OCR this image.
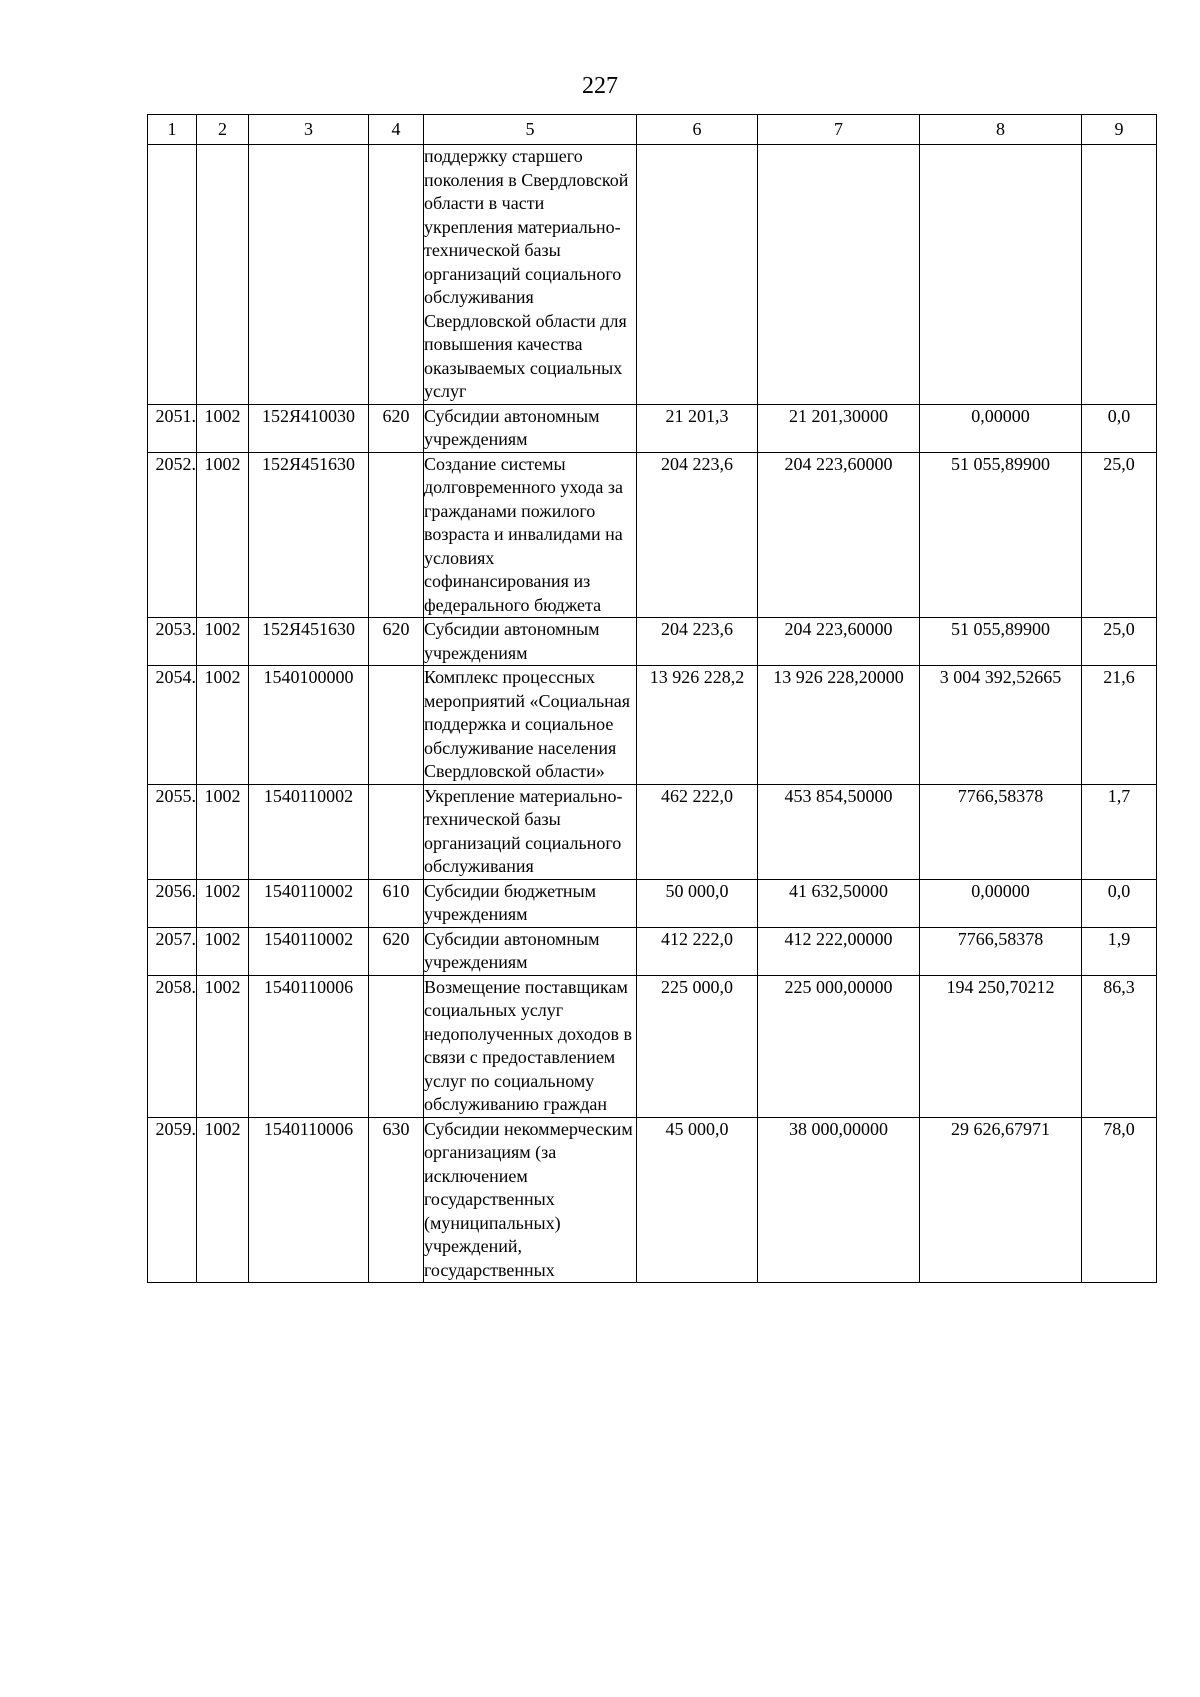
227
1	2	3	4	5	6	7	8	9
				поддержку старшего поколения в Свердловской области в части укрепления материально-технической базы организаций социального обслуживания Свердловской области для повышения качества оказываемых социальных услуг				
2051.	1002	152Я410030	620	Субсидии автономным учреждениям	21 201,3	21 201,30000	0,00000	0,0
2052.	1002	152Я451630		Создание системы долговременного ухода за гражданами пожилого возраста и инвалидами на условиях софинансирования из федерального бюджета	204 223,6	204 223,60000	51 055,89900	25,0
2053.	1002	152Я451630	620	Субсидии автономным учреждениям	204 223,6	204 223,60000	51 055,89900	25,0
2054.	1002	1540100000		Комплекс процессных мероприятий «Социальная поддержка и социальное обслуживание населения Свердловской области»	13 926 228,2	13 926 228,20000	3 004 392,52665	21,6
2055.	1002	1540110002		Укрепление материально-технической базы организаций социального обслуживания	462 222,0	453 854,50000	7766,58378	1,7
2056.	1002	1540110002	610	Субсидии бюджетным учреждениям	50 000,0	41 632,50000	0,00000	0,0
2057.	1002	1540110002	620	Субсидии автономным учреждениям	412 222,0	412 222,00000	7766,58378	1,9
2058.	1002	1540110006		Возмещение поставщикам социальных услуг недополученных доходов в связи с предоставлением услуг по социальному обслуживанию граждан	225 000,0	225 000,00000	194 250,70212	86,3
2059.	1002	1540110006	630	Субсидии некоммерческим организациям (за исключением государственных (муниципальных) учреждений, государственных	45 000,0	38 000,00000	29 626,67971	78,0
